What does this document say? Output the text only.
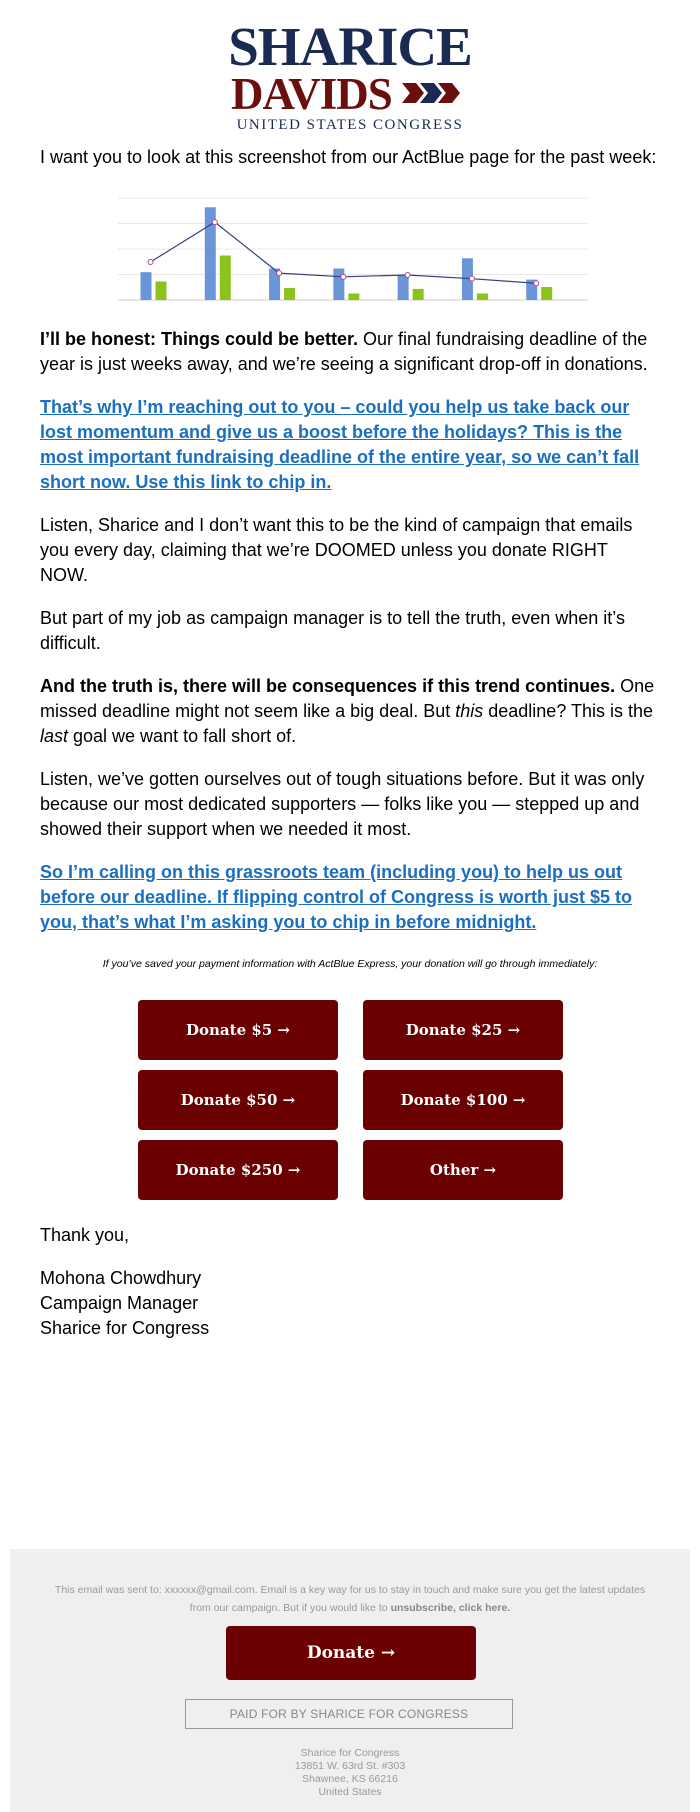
SHARICE
DAVIDS
UNITED STATES CONGRESS

I want you to look at this screenshot from our ActBlue page for the past week:

I’ll be honest: Things could be better. Our final fundraising deadline of the year is just weeks away, and we’re seeing a significant drop-off in donations.

That’s why I’m reaching out to you – could you help us take back our lost momentum and give us a boost before the holidays? This is the most important fundraising deadline of the entire year, so we can’t fall short now. Use this link to chip in.

Listen, Sharice and I don’t want this to be the kind of campaign that emails you every day, claiming that we’re DOOMED unless you donate RIGHT NOW.

But part of my job as campaign manager is to tell the truth, even when it’s difficult.

And the truth is, there will be consequences if this trend continues. One missed deadline might not seem like a big deal. But this deadline? This is the last goal we want to fall short of.

Listen, we’ve gotten ourselves out of tough situations before. But it was only because our most dedicated supporters — folks like you — stepped up and showed their support when we needed it most.

So I’m calling on this grassroots team (including you) to help us out before our deadline. If flipping control of Congress is worth just $5 to you, that’s what I’m asking you to chip in before midnight.

If you’ve saved your payment information with ActBlue Express, your donation will go through immediately:
Donate $5 →	Donate $25 →
Donate $50 →	Donate $100 →
Donate $250 →	Other →

Thank you,

Mohona Chowdhury

Campaign Manager

Sharice for Congress

This email was sent to: xxxxxx@gmail.com. Email is a key way for us to stay in touch and make sure you get the latest updates from our campaign. But if you would like to unsubscribe, click here.
Donate →
PAID FOR BY SHARICE FOR CONGRESS
Sharice for Congress
13851 W. 63rd St. #303
Shawnee, KS 66216
United States
